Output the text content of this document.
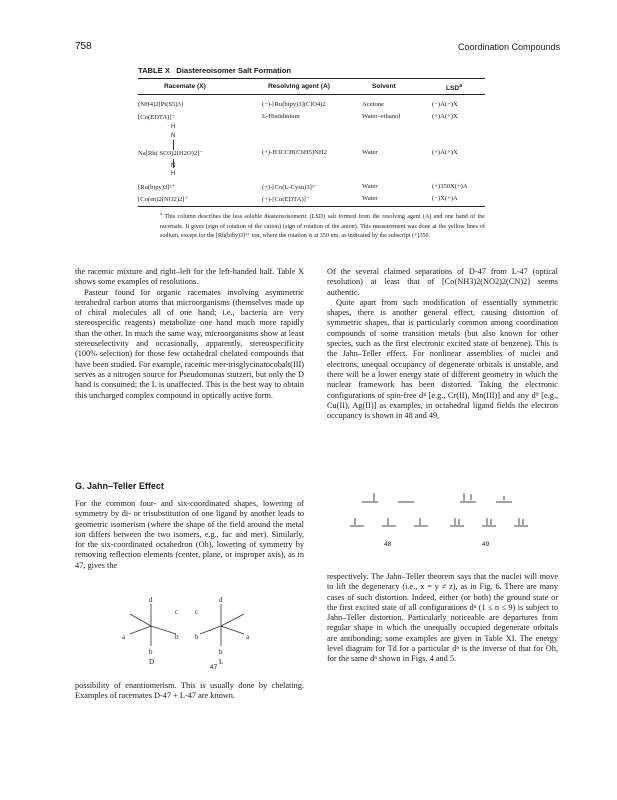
758	Coordination Compounds
TABLE X Diastereoisomer Salt Formation
Racemate (X)	Resolving agent (A)	Solvent	LSD$^a$
(NH4)2[Pt(S5)3]	(−)-[Ru(bipy)3](ClO4)2	Acetone	(−)A(−)X
[Co(EDTA)]⁻	L-Histidinium	Water–ethanol	(+)A(+)X
H
N
N
H
Na[Rh( SO3)2(H2O)2]⁻	(+)-H3CCH(C6H5)NH2	Water	(+)A(+)X
[Ru(bipy)3]²⁺	(+)-[Co(L-Cysu)3]³⁻	Water	(+)350X(+)A
[Co(en)2(NO2)2]⁺	(+)-[Co(EDTA)]⁻	Water	(−)X(+)A
$^a$ This column describes the less soluble diastereoisomeric (LSD) salt formed from the resolving agent (A) and one hand of the racemate. It gives (sign of rotation of the cation) (sign of rotation of the anion). This measurement was done at the yellow lines of sodium, except for the [Rh(biby)3]³⁺ ion, where the rotation is at 350 nm, as indicated by the subscript (+)350.

the racemic mixture and right–left for the left-handed half. Table X shows some examples of resolutions.

Pasteur found for organic racemates involving asymmetric tetrahedral carbon atoms that microorganisms (themselves made up of chiral molecules all of one hand; i.e., bacteria are very stereospecific reagents) metabolize one hand much more rapidly than the other. In much the same way, microorganisms show at least stereoselectivity and occasionally, apparently, stereospecificity (100% selection) for those few octahedral chelated compounds that have been studied. For example, racemic mer-trisglycinatocobalt(III) serves as a nitrogen source for Pseudomonas stutzeri, but only the D hand is consumed; the L is unaffected. This is the best way to obtain this uncharged complex compound in optically active form.

G. Jahn–Teller Effect

For the common four- and six-coordinated shapes, lowering of symmetry by di- or trisubstitution of one ligand by another leads to geometric isomerism (where the shape of the field around the metal ion differs between the two isomers, e.g., fac and mer). Similarly, for the six-coordinated octahedron (Oh), lowering of symmetry by removing reflection elements (center, plane, or improper axis), as in 47, gives the

d
c
a	b
b
D
d
c
a
b
b
L
47

possibility of enantiomerism. This is usually done by chelating. Examples of racemates D-47 + L-47 are known.

Of the several claimed separations of D-47 from L-47 (optical resolution) at least that of [Co(NH3)2(NO2)2(CN)2] seems authentic.

Quite apart from such modification of essentially symmetric shapes, there is another general effect, causing distortion of symmetric shapes, that is particularly common among coordination compounds of some transition metals (but also known for other species, such as the first electronic excited state of benzene). This is the Jahn–Teller effect. For nonlinear assemblies of nuclei and electrons, unequal occupancy of degenerate orbitals is unstable, and there will be a lower energy state of different geometry in which the nuclear framework has been distorted. Taking the electronic configurations of spin-free d⁴ [e.g., Cr(II), Mn(III)] and any d⁹ [e.g., Cu(II), Ag(II)] as examples, in octahedral ligand fields the electron occupancy is shown in 48 and 49,

48	49

respectively. The Jahn–Teller theorem says that the nuclei will move to lift the degeneracy (i.e., x = y ≠ z), as in Fig. 6. There are many cases of such distortion. Indeed, either (or both) the ground state or the first excited state of all configurations dⁿ (1 ≤ n ≤ 9) is subject to Jahn–Teller distortion. Particularly noticeable are departures from regular shape in which the unequally occupied degenerate orbitals are antibonding; some examples are given in Table XI. The energy level diagram for Td for a particular dⁿ is the inverse of that for Oh, for the same dⁿ shown in Figs. 4 and 5.
